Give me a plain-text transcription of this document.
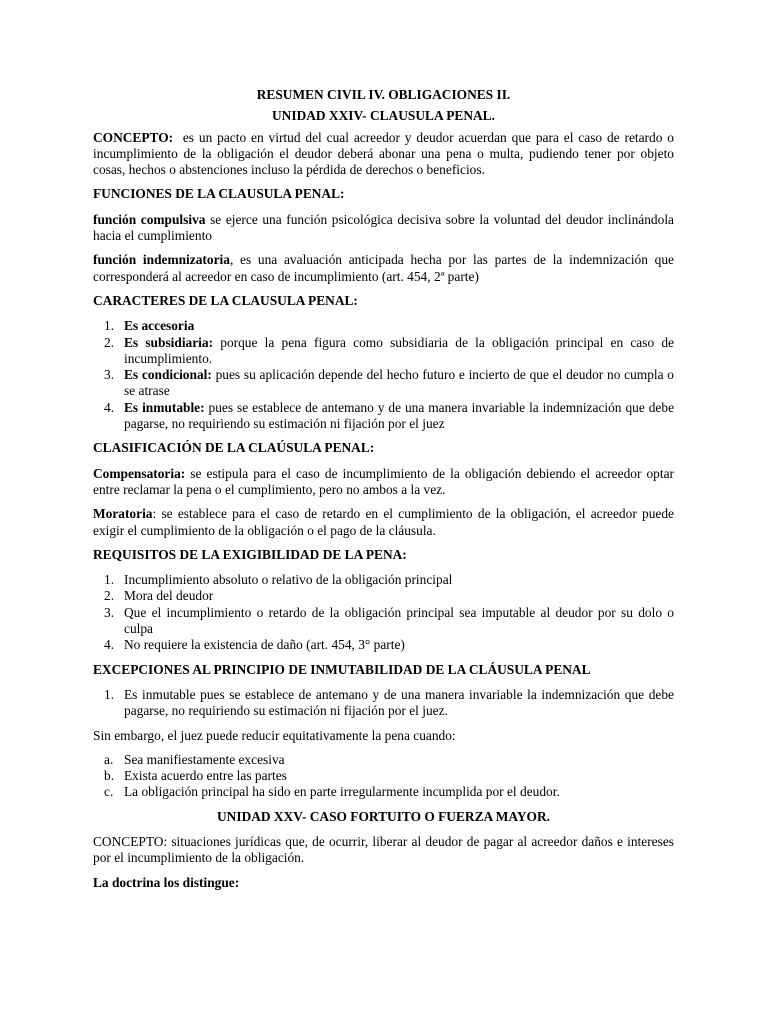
RESUMEN CIVIL IV. OBLIGACIONES II.
UNIDAD XXIV- CLAUSULA PENAL.

CONCEPTO:  es un pacto en virtud del cual acreedor y deudor acuerdan que para el caso de retardo o incumplimiento de la obligación el deudor deberá abonar una pena o multa, pudiendo tener por objeto cosas, hechos o abstenciones incluso la pérdida de derechos o beneficios.

FUNCIONES DE LA CLAUSULA PENAL:

función compulsiva se ejerce una función psicológica decisiva sobre la voluntad del deudor inclinándola hacia el cumplimiento

función indemnizatoria, es una avaluación anticipada hecha por las partes de la indemnización que corresponderá al acreedor en caso de incumplimiento (art. 454, 2ª parte)

CARACTERES DE LA CLAUSULA PENAL:
1. Es accesoria
2. Es subsidiaria: porque la pena figura como subsidiaria de la obligación principal en caso de incumplimiento.
3. Es condicional: pues su aplicación depende del hecho futuro e incierto de que el deudor no cumpla o se atrase
4. Es inmutable: pues se establece de antemano y de una manera invariable la indemnización que debe pagarse, no requiriendo su estimación ni fijación por el juez
CLASIFICACIÓN DE LA CLAÚSULA PENAL:

Compensatoria: se estipula para el caso de incumplimiento de la obligación debiendo el acreedor optar entre reclamar la pena o el cumplimiento, pero no ambos a la vez.

Moratoria: se establece para el caso de retardo en el cumplimiento de la obligación, el acreedor puede exigir el cumplimiento de la obligación o el pago de la cláusula.

REQUISITOS DE LA EXIGIBILIDAD DE LA PENA:
1. Incumplimiento absoluto o relativo de la obligación principal
2. Mora del deudor
3. Que el incumplimiento o retardo de la obligación principal sea imputable al deudor por su dolo o culpa
4. No requiere la existencia de daño (art. 454, 3° parte)
EXCEPCIONES AL PRINCIPIO DE INMUTABILIDAD DE LA CLÁUSULA PENAL
1. Es inmutable pues se establece de antemano y de una manera invariable la indemnización que debe pagarse, no requiriendo su estimación ni fijación por el juez.

Sin embargo, el juez puede reducir equitativamente la pena cuando:

a. Sea manifiestamente excesiva
b. Exista acuerdo entre las partes
c. La obligación principal ha sido en parte irregularmente incumplida por el deudor.
UNIDAD XXV- CASO FORTUITO O FUERZA MAYOR.

CONCEPTO: situaciones jurídicas que, de ocurrir, liberar al deudor de pagar al acreedor daños e intereses por el incumplimiento de la obligación.

La doctrina los distingue:
